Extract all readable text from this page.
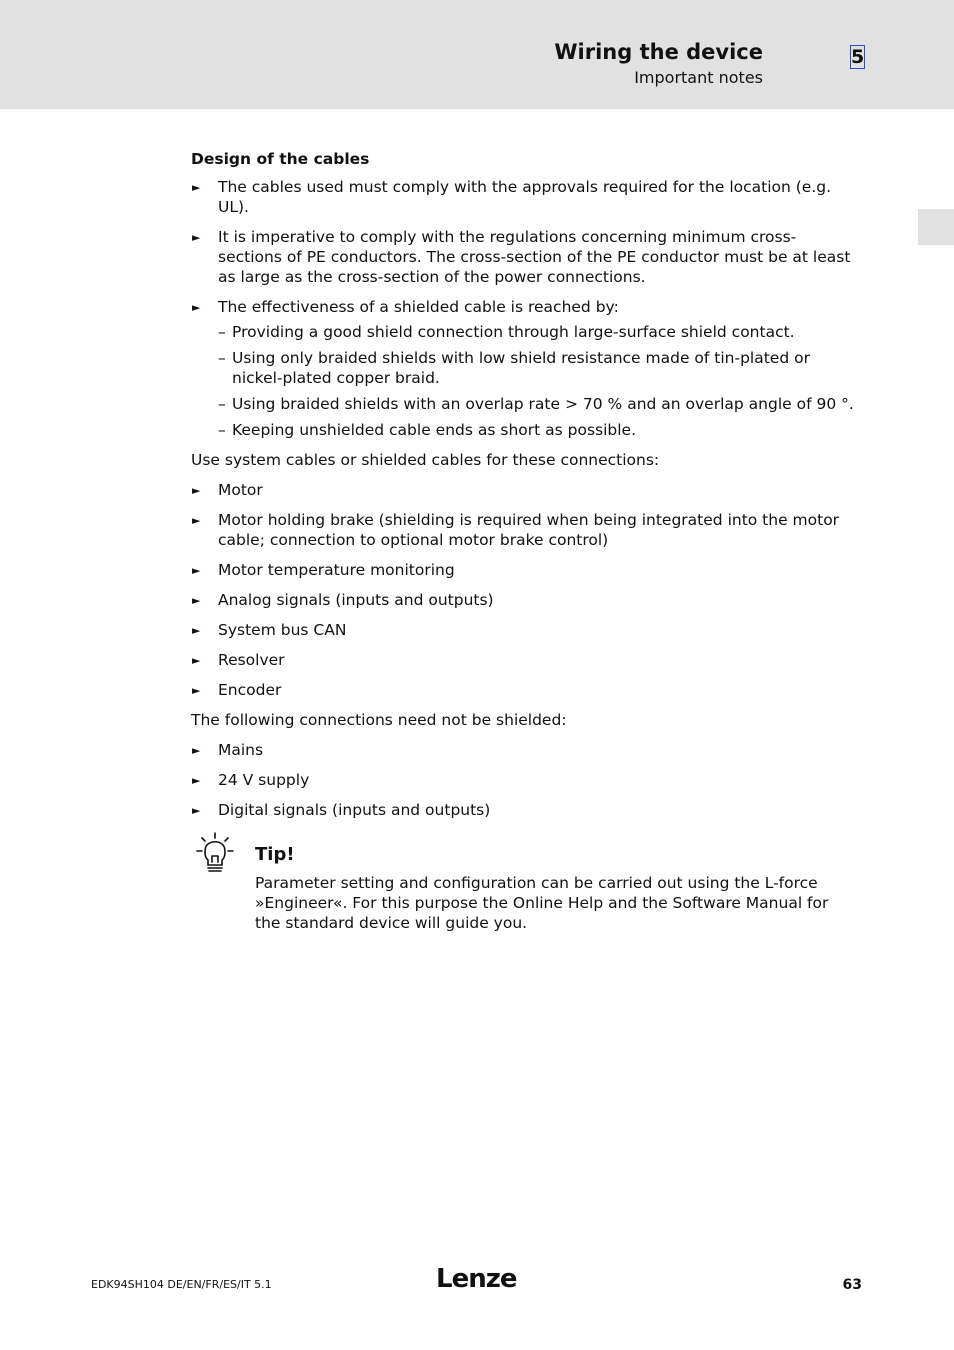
Wiring the device
Important notes
5
Design of the cables
► The cables used must comply with the approvals required for the location (e.g. UL).
► It is imperative to comply with the regulations concerning minimum cross-sections of PE conductors. The cross-section of the PE conductor must be at least as large as the cross-section of the power connections.
► The effectiveness of a shielded cable is reached by:
– Providing a good shield connection through large-surface shield contact.
– Using only braided shields with low shield resistance made of tin-plated or nickel-plated copper braid.
– Using braided shields with an overlap rate > 70 % and an overlap angle of 90 °.
– Keeping unshielded cable ends as short as possible.

Use system cables or shielded cables for these connections:

► Motor
► Motor holding brake (shielding is required when being integrated into the motor cable; connection to optional motor brake control)
► Motor temperature monitoring
► Analog signals (inputs and outputs)
► System bus CAN
► Resolver
► Encoder

The following connections need not be shielded:

► Mains
► 24 V supply
► Digital signals (inputs and outputs)
Tip!
Parameter setting and configuration can be carried out using the L-force »Engineer«. For this purpose the Online Help and the Software Manual for the standard device will guide you.
EDK94SH104 DE/EN/FR/ES/IT 5.1	Lenze	63
